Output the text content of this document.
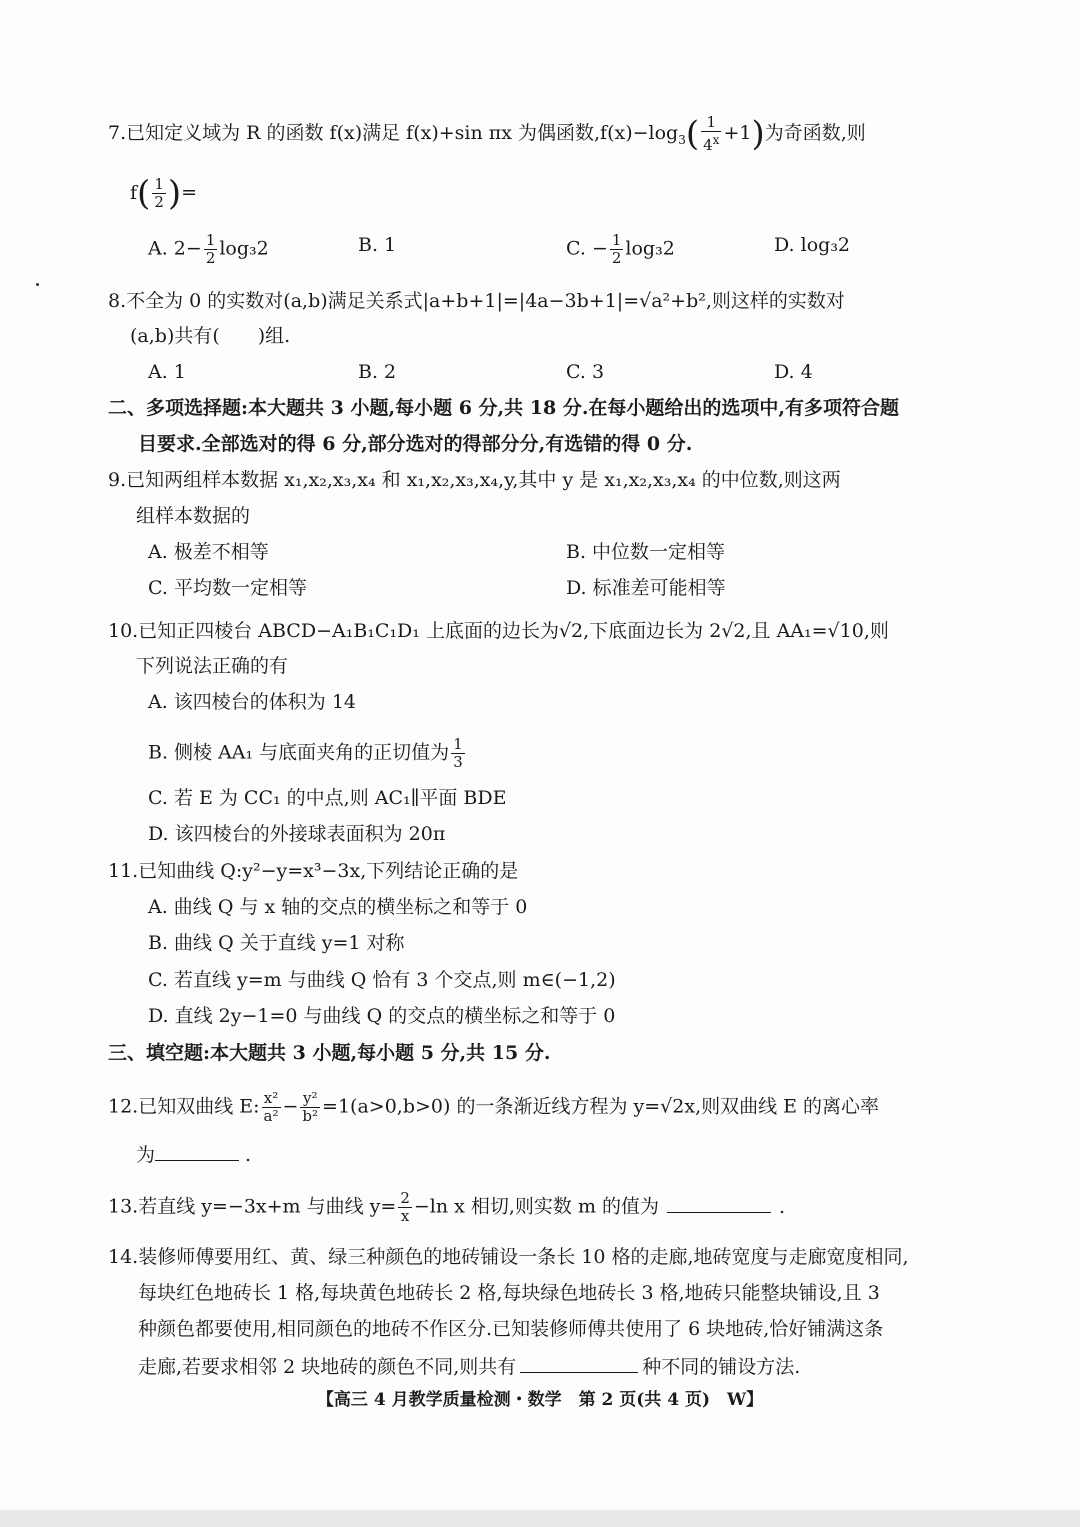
7.已知定义域为 R 的函数 f(x)满足 f(x)+sin πx 为偶函数$,f(x)-\log_3( \frac{1}{4^x} +1)$为奇函数,则
$f( \frac{1}{2}$ )=
A. $2- \frac{1}{2} \log_32$	B. 1	C. − $\frac{1}{2} \log_32$	D. log₃2
8.不全为 0 的实数对(a,b)满足关系式|a+b+1|=|4a−3b+1|=√a²+b²,则这样的实数对
(a,b)共有(　　)组.
A. 1	B. 2	C. 3	D. 4
二、多项选择题:本大题共 3 小题,每小题 6 分,共 18 分.在每小题给出的选项中,有多项符合题
目要求.全部选对的得 6 分,部分选对的得部分分,有选错的得 0 分.
9.已知两组样本数据 x₁,x₂,x₃,x₄ 和 x₁,x₂,x₃,x₄,y,其中 y 是 x₁,x₂,x₃,x₄ 的中位数,则这两
组样本数据的
A. 极差不相等	B. 中位数一定相等
C. 平均数一定相等	D. 标准差可能相等
10.已知正四棱台 ABCD−A₁B₁C₁D₁ 上底面的边长为√2,下底面边长为 2√2,且 AA₁=√10,则
下列说法正确的有
A. 该四棱台的体积为 14
B. 侧棱 AA₁ 与底面夹角的正切值为 $\frac{1}{3}$
C. 若 E 为 CC₁ 的中点,则 AC₁∥平面 BDE
D. 该四棱台的外接球表面积为 20π
11.已知曲线 Q:y²−y=x³−3x,下列结论正确的是
A. 曲线 Q 与 x 轴的交点的横坐标之和等于 0
B. 曲线 Q 关于直线 y=1 对称
C. 若直线 y=m 与曲线 Q 恰有 3 个交点,则 m∈(−1,2)
D. 直线 2y−1=0 与曲线 Q 的交点的横坐标之和等于 0
三、填空题:本大题共 3 小题,每小题 5 分,共 15 分.
12.已知双曲线 E: $\frac{\text{x²}}{\text{a²}} - \frac{\text{y²}}{\text{b²}} =1(a>0,b>0)$ 的一条渐近线方程为 y=√2x,则双曲线 E 的离心率
为	.
13.若直线 y=−3x+m 与曲线 $y= \frac{2}{x} -\ln$ x 相切,则实数 m 的值为	.
14.装修师傅要用红、黄、绿三种颜色的地砖铺设一条长 10 格的走廊,地砖宽度与走廊宽度相同,
每块红色地砖长 1 格,每块黄色地砖长 2 格,每块绿色地砖长 3 格,地砖只能整块铺设,且 3
种颜色都要使用,相同颜色的地砖不作区分.已知装修师傅共使用了 6 块地砖,恰好铺满这条
走廊,若要求相邻 2 块地砖的颜色不同,则共有	种不同的铺设方法.
【高三 4 月教学质量检测・数学　第 2 页(共 4 页)　W】
